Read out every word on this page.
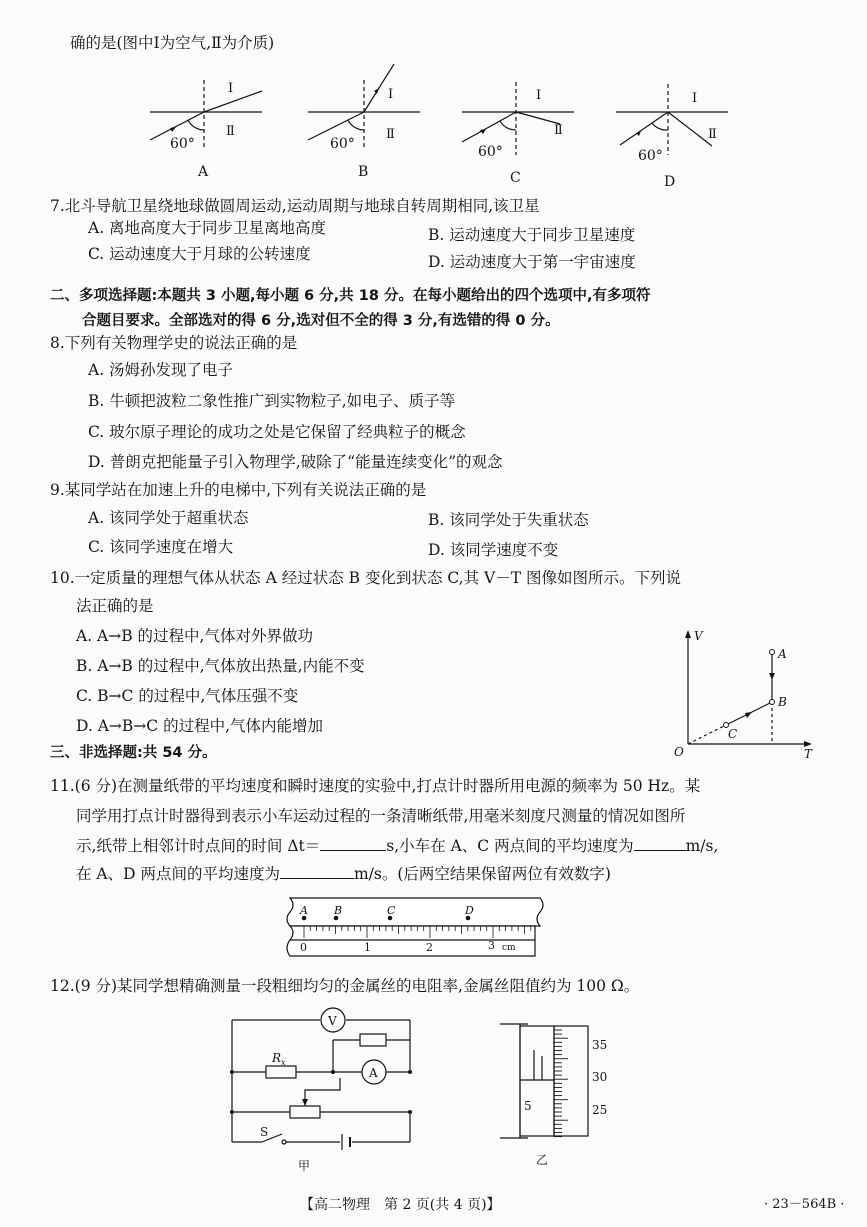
确的是(图中Ⅰ为空气,Ⅱ为介质)
Ⅰ
Ⅱ
60°
A
Ⅰ
Ⅱ
60°
B
Ⅰ
Ⅱ
60°
C
Ⅰ
Ⅱ
60°
D
7.北斗导航卫星绕地球做圆周运动,运动周期与地球自转周期相同,该卫星
A. 离地高度大于同步卫星离地高度	B. 运动速度大于同步卫星速度
C. 运动速度大于月球的公转速度	D. 运动速度大于第一宇宙速度
二、多项选择题:本题共 3 小题,每小题 6 分,共 18 分。在每小题给出的四个选项中,有多项符
合题目要求。全部选对的得 6 分,选对但不全的得 3 分,有选错的得 0 分。
8.下列有关物理学史的说法正确的是
A. 汤姆孙发现了电子
B. 牛顿把波粒二象性推广到实物粒子,如电子、质子等
C. 玻尔原子理论的成功之处是它保留了经典粒子的概念
D. 普朗克把能量子引入物理学,破除了“能量连续变化”的观念
9.某同学站在加速上升的电梯中,下列有关说法正确的是
A. 该同学处于超重状态	B. 该同学处于失重状态
C. 该同学速度在增大	D. 该同学速度不变
10.一定质量的理想气体从状态 A 经过状态 B 变化到状态 C,其 V－T 图像如图所示。下列说
法正确的是
A. A→B 的过程中,气体对外界做功
B. A→B 的过程中,气体放出热量,内能不变
C. B→C 的过程中,气体压强不变
D. A→B→C 的过程中,气体内能增加
V
T
O
A
B
C
三、非选择题:共 54 分。
11.(6 分)在测量纸带的平均速度和瞬时速度的实验中,打点计时器所用电源的频率为 50 Hz。某
同学用打点计时器得到表示小车运动过程的一条清晰纸带,用毫米刻度尺测量的情况如图所
示,纸带上相邻计时点间的时间 Δt＝	s,小车在 A、C 两点间的平均速度为	m/s,
在 A、D 两点间的平均速度为	m/s。(后两空结果保留两位有效数字)
A B	C	D
0	1	2	3 cm
12.(9 分)某同学想精确测量一段粗细均匀的金属丝的电阻率,金属丝阻值约为 100 Ω。
V
A
R x
S
甲
35
30
25
5
乙
【高二物理　第 2 页(共 4 页)】	· 23－564B ·
